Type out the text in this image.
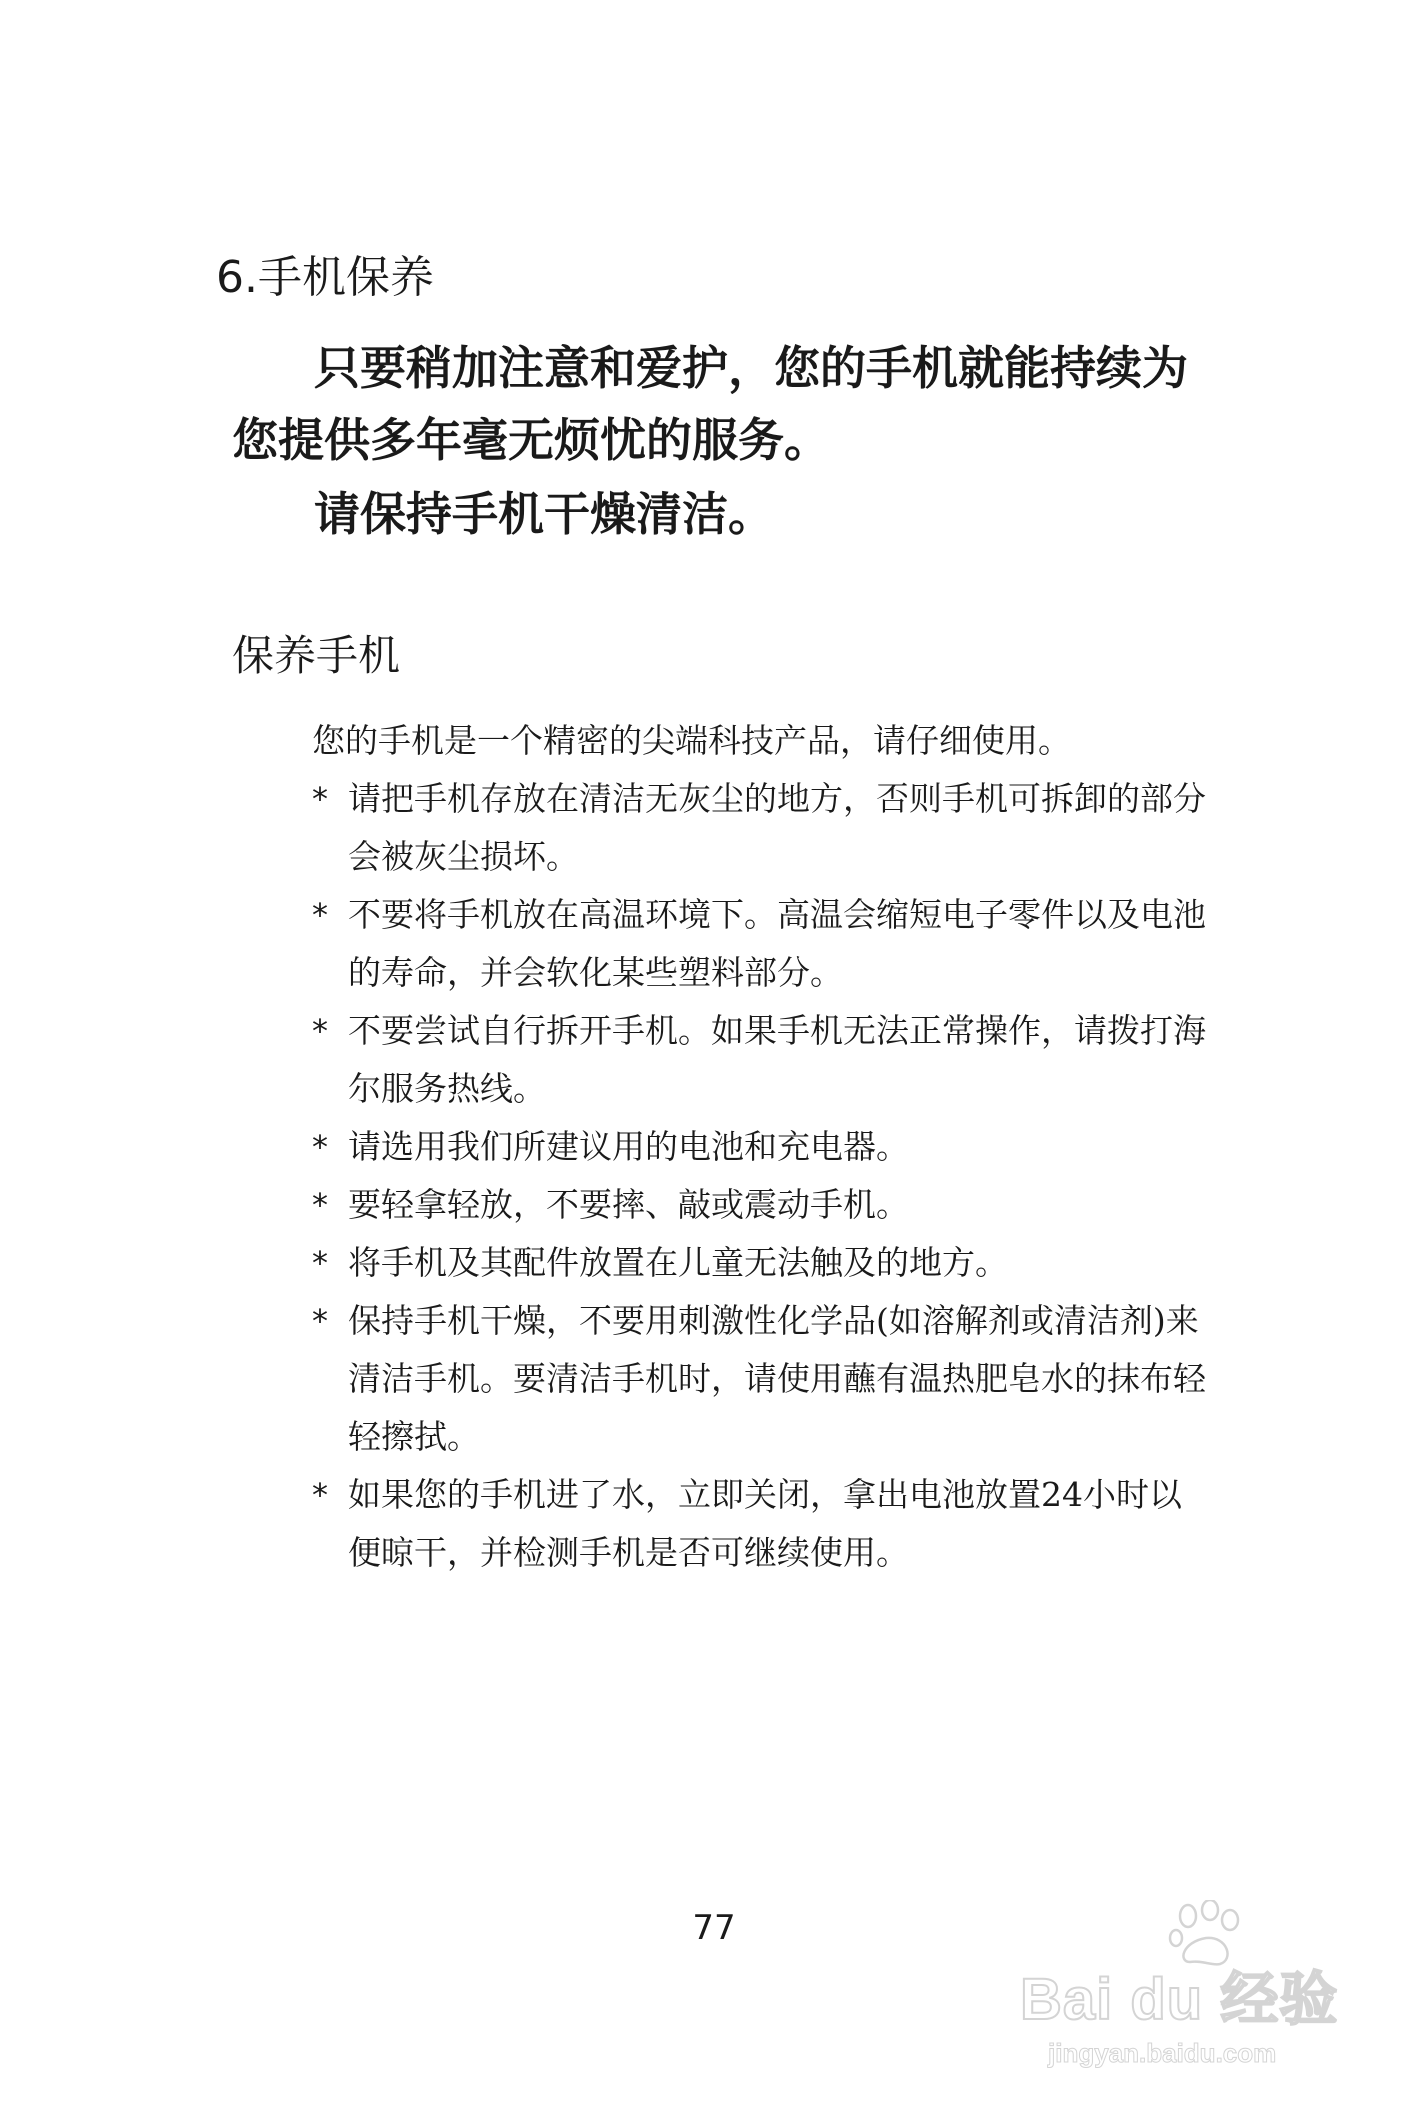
6.手机保养

只要稍加注意和爱护，您的手机就能持续为您提供多年毫无烦忧的服务。

请保持手机干燥清洁。

保养手机

您的手机是一个精密的尖端科技产品，请仔细使用。

* 请把手机存放在清洁无灰尘的地方，否则手机可拆卸的部分会被灰尘损坏。
* 不要将手机放在高温环境下。高温会缩短电子零件以及电池的寿命，并会软化某些塑料部分。
* 不要尝试自行拆开手机。如果手机无法正常操作，请拨打海尔服务热线。
* 请选用我们所建议用的电池和充电器。
* 要轻拿轻放，不要摔、敲或震动手机。
* 将手机及其配件放置在儿童无法触及的地方。
* 保持手机干燥，不要用刺激性化学品(如溶解剂或清洁剂)来清洁手机。要清洁手机时，请使用蘸有温热肥皂水的抹布轻轻擦拭。
* 如果您的手机进了水，立即关闭，拿出电池放置24小时以便晾干，并检测手机是否可继续使用。
77
Bai du 经验
jingyan.baidu.com
